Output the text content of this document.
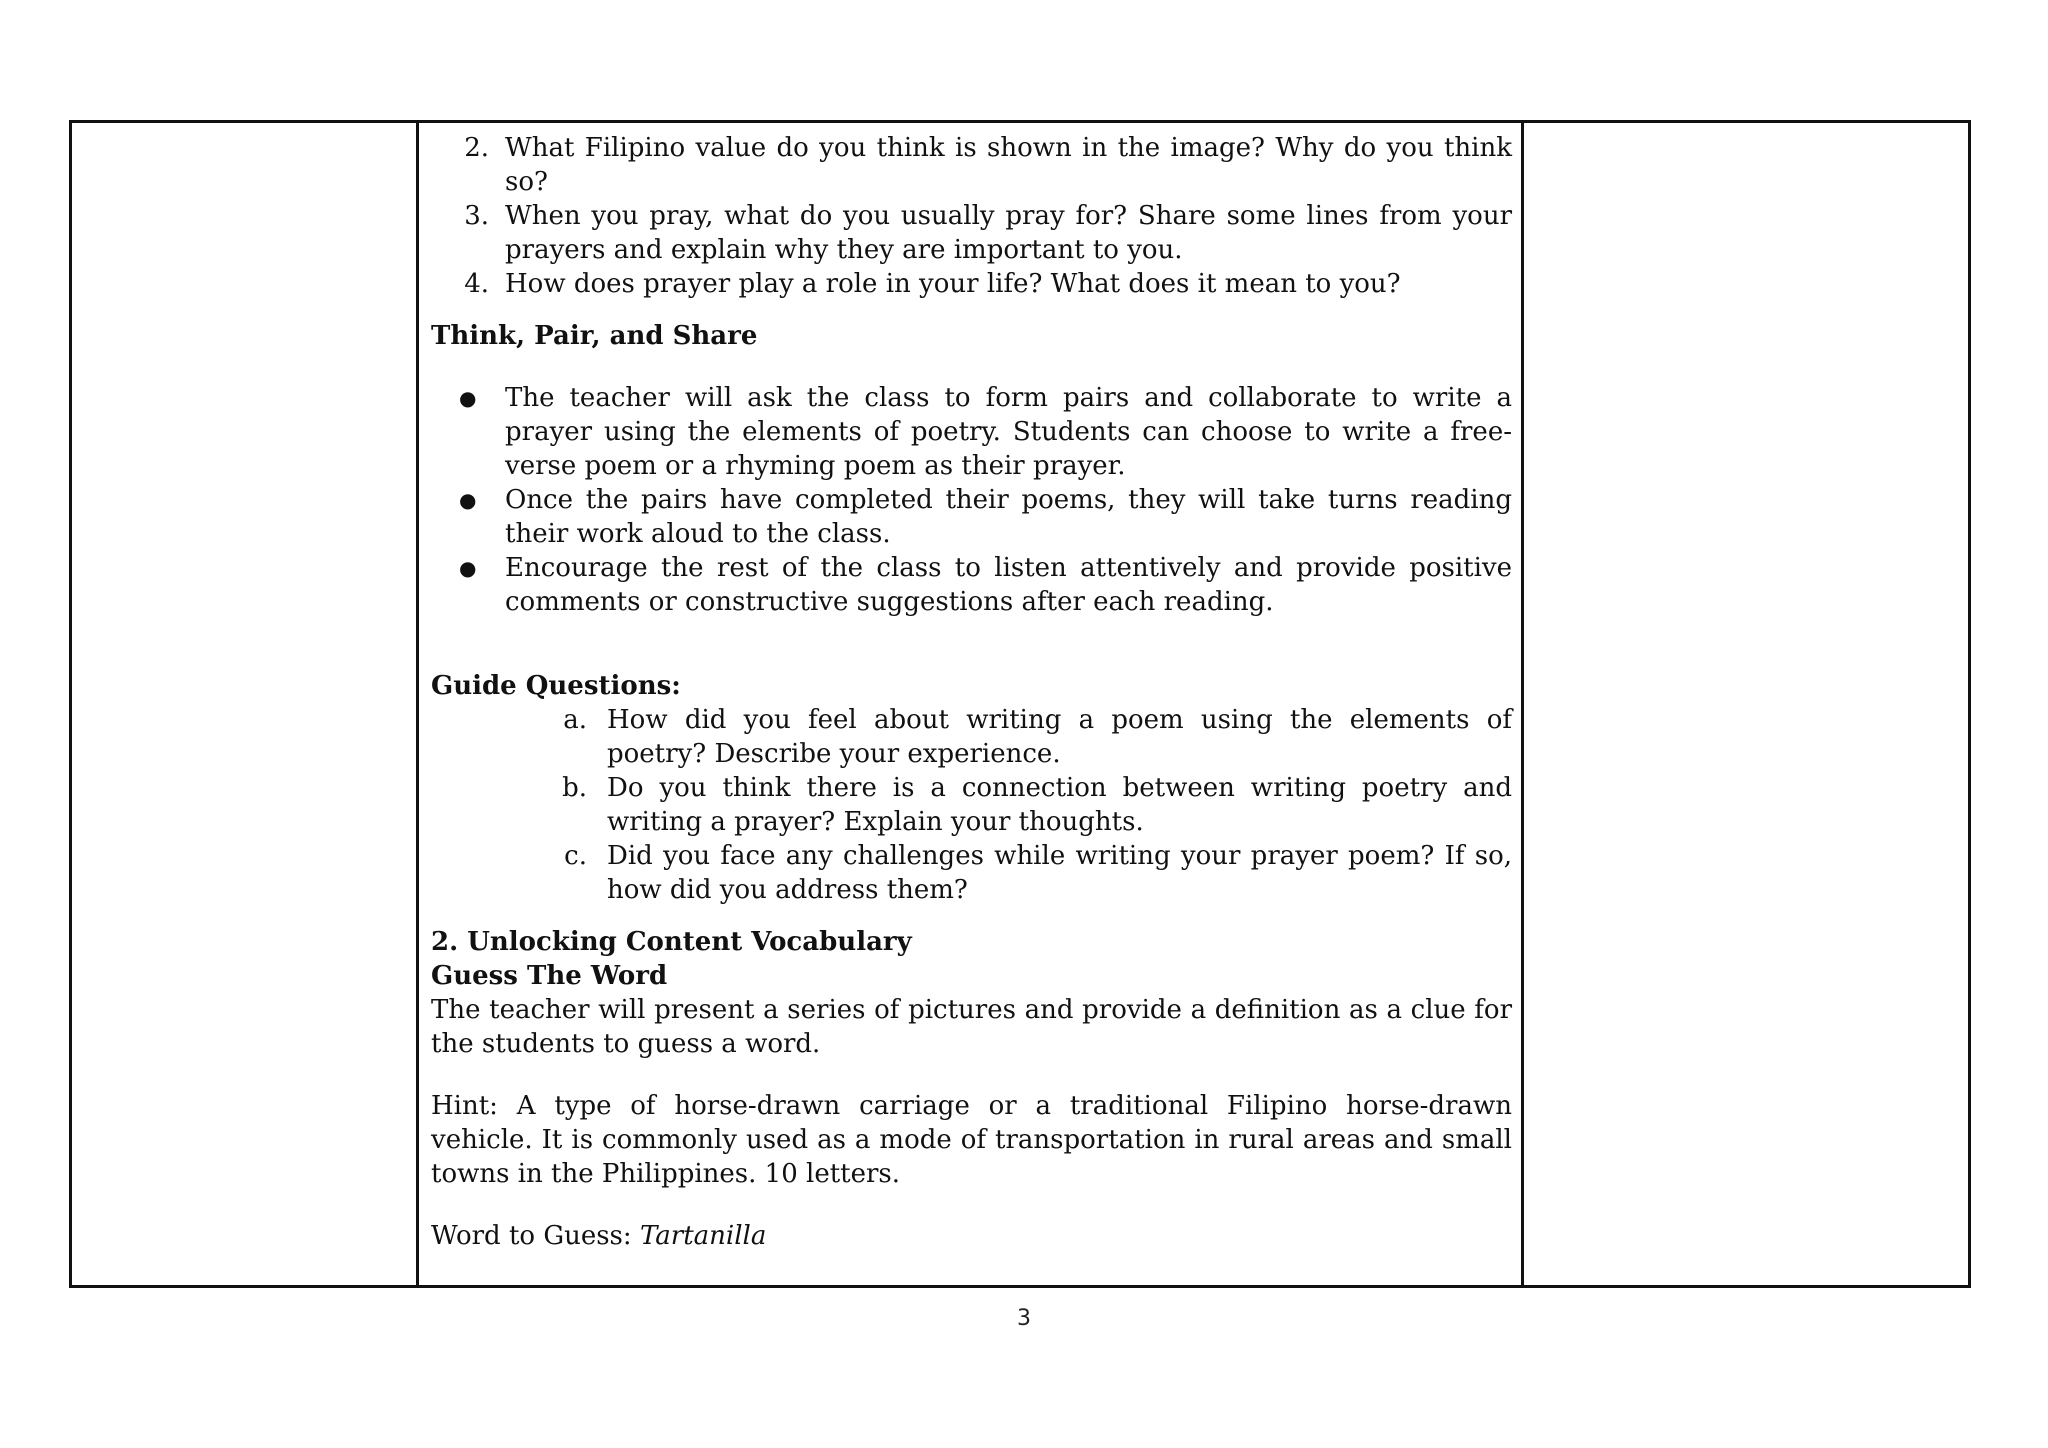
2. What Filipino value do you think is shown in the image? Why do you think so?
3. When you pray, what do you usually pray for? Share some lines from your prayers and explain why they are important to you.
4. How does prayer play a role in your life? What does it mean to you?

Think, Pair, and Share

● The teacher will ask the class to form pairs and collaborate to write a prayer using the elements of poetry. Students can choose to write a free-verse poem or a rhyming poem as their prayer.
● Once the pairs have completed their poems, they will take turns reading their work aloud to the class.
● Encourage the rest of the class to listen attentively and provide positive comments or constructive suggestions after each reading.

Guide Questions:

a. How did you feel about writing a poem using the elements of poetry? Describe your experience.
b. Do you think there is a connection between writing poetry and writing a prayer? Explain your thoughts.
c. Did you face any challenges while writing your prayer poem? If so, how did you address them?

2. Unlocking Content Vocabulary

Guess The Word

The teacher will present a series of pictures and provide a definition as a clue for the students to guess a word.

Hint: A type of horse-drawn carriage or a traditional Filipino horse-drawn vehicle. It is commonly used as a mode of transportation in rural areas and small towns in the Philippines. 10 letters.

Word to Guess: Tartanilla

3
